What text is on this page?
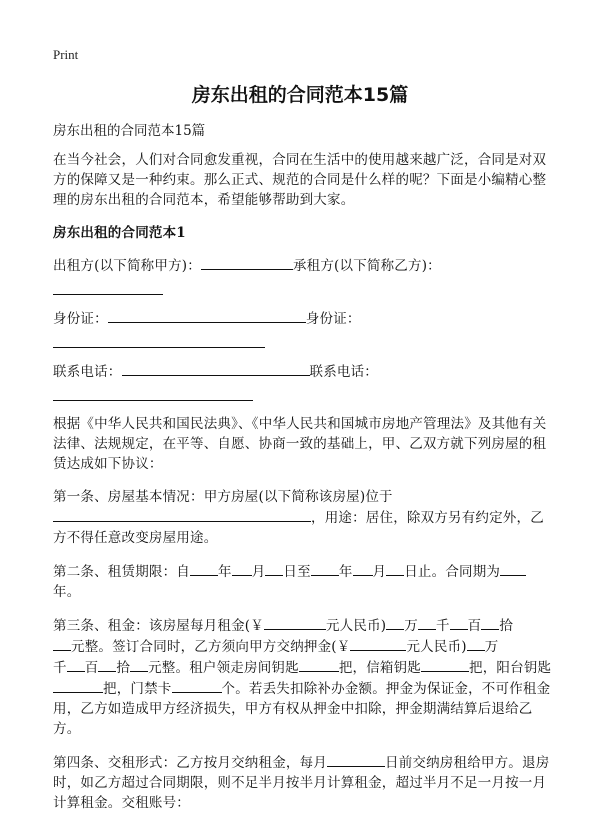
Print
房东出租的合同范本15篇
房东出租的合同范本15篇

在当今社会，人们对合同愈发重视，合同在生活中的使用越来越广泛，合同是对双方的保障又是一种约束。那么正式、规范的合同是什么样的呢？下面是小编精心整理的房东出租的合同范本，希望能够帮助到大家。

房东出租的合同范本1

出租方(以下简称甲方)：	承租方(以下简称乙方)：

身份证：	身份证：

联系电话：	联系电话：

根据《中华人民共和国民法典》、《中华人民共和国城市房地产管理法》及其他有关法律、法规规定，在平等、自愿、协商一致的基础上，甲、乙双方就下列房屋的租赁达成如下协议：

第一条、房屋基本情况：甲方房屋(以下简称该房屋)位于
，用途：居住，除双方另有约定外，乙方不得任意改变房屋用途。

第二条、租赁期限：自 年 月 日至 年 月 日止。合同期为
年。

第三条、租金：该房屋每月租金(￥	元人民币) 万 千 百 拾
元整。签订合同时，乙方须向甲方交纳押金(￥	元人民币) 万
千 百 拾 元整。租户领走房间钥匙	把，信箱钥匙	把，阳台钥匙把，门禁卡	个。若丢失扣除补办金额。押金为保证金，不可作租金用，乙方如造成甲方经济损失，甲方有权从押金中扣除，押金期满结算后退给乙方。

第四条、交租形式：乙方按月交纳租金，每月	日前交纳房租给甲方。退房时，如乙方超过合同期限，则不足半月按半月计算租金，超过半月不足一月按一月计算租金。交租账号：
